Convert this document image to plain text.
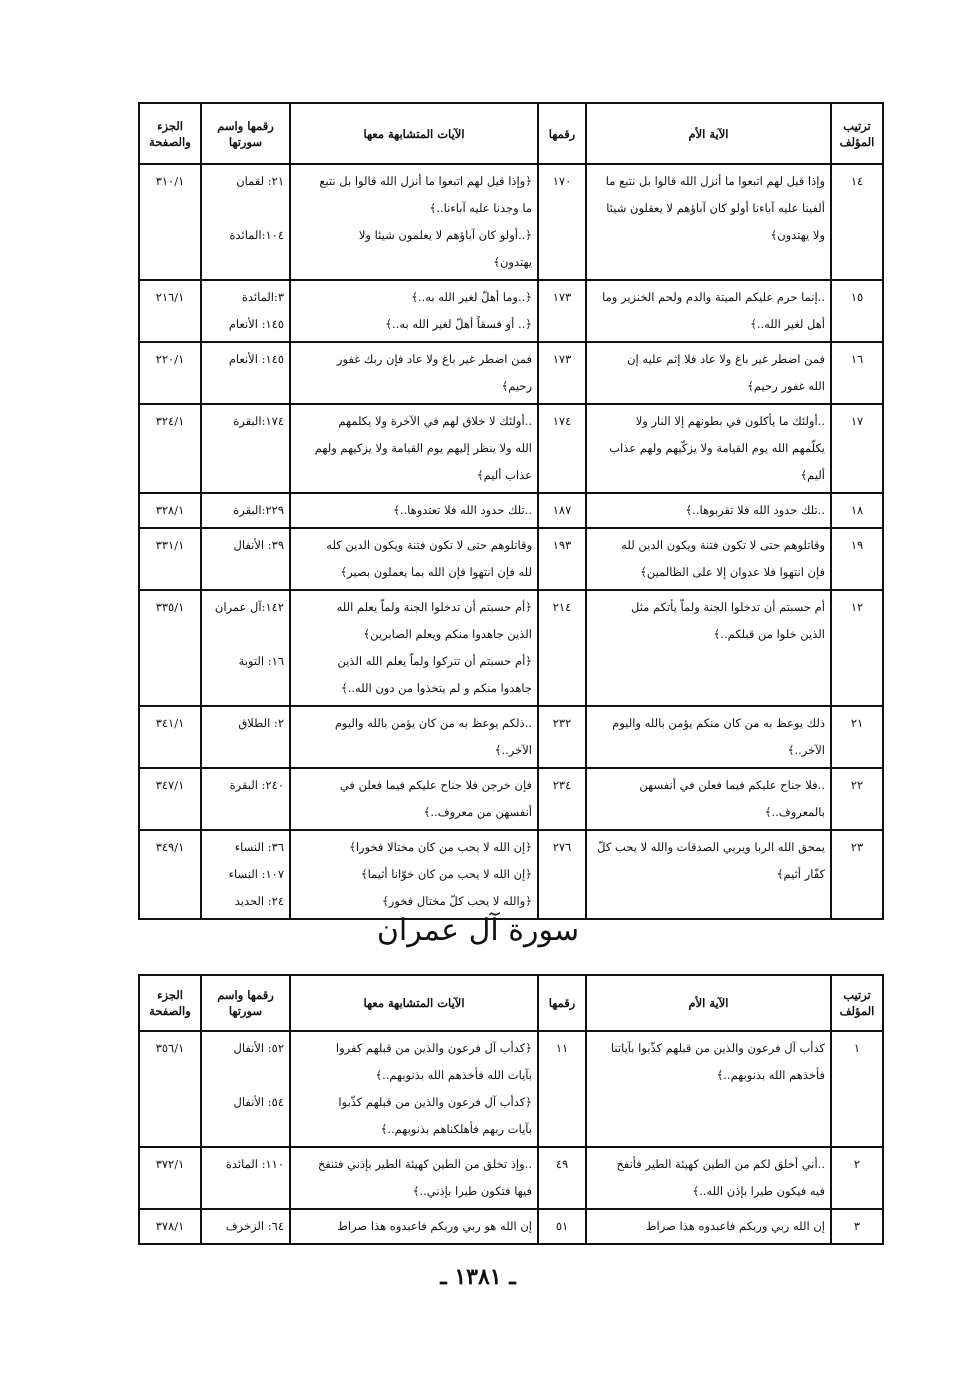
ترتيب المؤلف	الآية الأم	رقمها	الآيات المتشابهة معها	رقمها واسم سورتها	الجزء والصفحة
١٤	وإذا قيل لهم اتبعوا ما أنزل الله قالوا بل نتبع ما
ألفينا عليه آباءنا أولو كان آباؤهم لا يعقلون شيئا
ولا يهتدون﴾	١٧٠	﴿وإذا قيل لهم اتبعوا ما أنزل الله قالوا بل نتبع
ما وجدنا عليه آباءنا..﴾
﴿..أولو كان آباؤهم لا يعلمون شيئا ولا
يهتدون﴾	٢١: لقمان
١٠٤:المائدة	٣١٠/١
١٥	..إنما حرم عليكم الميتة والدم ولحم الخنزير وما
أهل لغير الله..﴾	١٧٣	﴿..وما أهلّ لغير الله به..﴾
﴿.. أو فسقاً أهلّ لغير الله به..﴾	٣:المائدة
١٤٥: الأنعام	٢١٦/١
١٦	فمن اضطر غير باغ ولا عاد فلا إثم عليه إن
الله غفور رحيم﴾	١٧٣	فمن اضطر غير باغ ولا عاد فإن ربك غفور
رحيم﴾	١٤٥: الأنعام	٢٢٠/١
١٧	..أولئك ما يأكلون في بطونهم إلا النار ولا
يكلّمهم الله يوم القيامة ولا يزكّيهم ولهم عذاب
أليم﴾	١٧٤	..أولئك لا خلاق لهم في الآخرة ولا يكلمهم
الله ولا ينظر إليهم يوم القيامة ولا يزكيهم ولهم
عذاب أليم﴾	١٧٤:البقرة	٣٢٤/١
١٨	..تلك حدود الله فلا تقربوها..﴾	١٨٧	..تلك حدود الله فلا تعتدوها..﴾	٢٢٩:البقرة	٣٢٨/١
١٩	وقاتلوهم حتى لا تكون فتنة ويكون الدين لله
فإن انتهوا فلا عدوان إلا على الظالمين﴾	١٩٣	وقاتلوهم حتى لا تكون فتنة ويكون الدين كله
لله فإن انتهوا فإن الله بما يعملون بصير﴾	٣٩: الأنفال	٣٣١/١
١٢	أم حسبتم أن تدخلوا الجنة ولماّ يأتكم مثل
الذين خلوا من قبلكم..﴾	٢١٤	﴿أم حسبتم أن تدخلوا الجنة ولماّ يعلم الله
الذين جاهدوا منكم ويعلم الصابرين﴾
﴿أم حسبتم أن تتركوا ولماّ يعلم الله الذين
جاهدوا منكم و لم يتخذوا من دون الله..﴾	١٤٢:آل عمران
١٦: التوبة	٣٣٥/١
٢١	ذلك يوعظ به من كان منكم يؤمن بالله واليوم
الآخر..﴾	٢٣٢	..ذلكم يوعظ به من كان يؤمن بالله واليوم
الآخر..﴾	٢: الطلاق	٣٤١/١
٢٢	..فلا جناح عليكم فيما فعلن في أنفسهن
بالمعروف..﴾	٢٣٤	فإن خرجن فلا جناح عليكم فيما فعلن في
أنفسهن من معروف..﴾	٢٤٠: البقرة	٣٤٧/١
٢٣	يمحق الله الربا ويربي الصدقات والله لا يحب كلّ
كفّار أثيم﴾	٢٧٦	﴿إن الله لا يحب من كان مختالا فخورا﴾
﴿إن الله لا يحب من كان خوّانا أثيما﴾
﴿والله لا يحب كلّ مختال فخور﴾	٣٦: النساء
١٠٧: النساء
٢٤: الحديد	٣٤٩/١
سورة آل عمران
ترتيب المؤلف	الآية الأم	رقمها	الآيات المتشابهة معها	رقمها واسم سورتها	الجزء والصفحة
١	كدأب آل فرعون والذين من قبلهم كذّبوا بآياتنا
فأخذهم الله بذنوبهم..﴾	١١	﴿كدأب آل فرعون والذين من قبلهم كفروا
بآيات الله فأخذهم الله بذنوبهم..﴾
﴿كدأب آل فرعون والذين من قبلهم كذّبوا
بآيات ربهم فأهلكناهم بذنوبهم..﴾	٥٢: الأنفال
٥٤: الأنفال	٣٥٦/١
٢	..أني أخلق لكم من الطين كهيئة الطير فأنفخ
فيه فيكون طيرا بإذن الله..﴾	٤٩	..وإذ تخلق من الطين كهيئة الطير بإذني فتنفخ
فيها فتكون طيرا بإذني..﴾	١١٠: المائدة	٣٧٢/١
٣	إن الله ربي وربكم فاعبدوه هذا صراط	٥١	إن الله هو ربي وربكم فاعبدوه هذا صراط	٦٤: الزخرف	٣٧٨/١
ـ ١٣٨١ ـ
